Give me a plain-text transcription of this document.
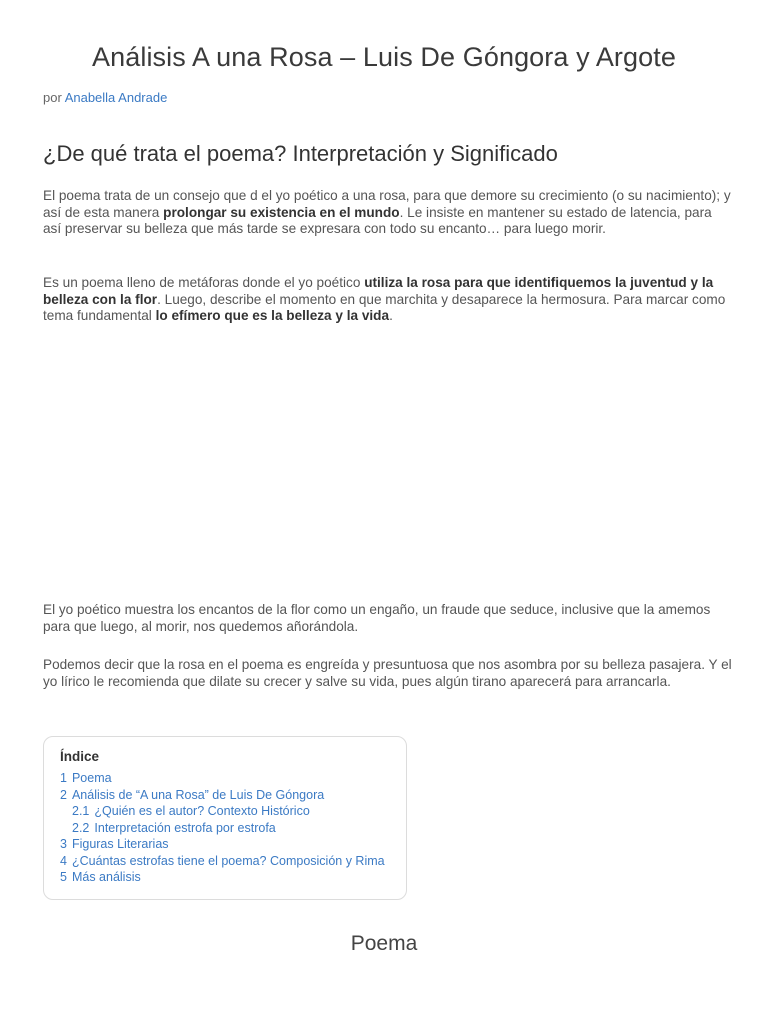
Análisis A una Rosa – Luis De Góngora y Argote
por Anabella Andrade
¿De qué trata el poema? Interpretación y Significado

El poema trata de un consejo que d el yo poético a una rosa, para que demore su crecimiento (o su nacimiento); y así de esta manera prolongar su existencia en el mundo. Le insiste en mantener su estado de latencia, para así preservar su belleza que más tarde se expresara con todo su encanto… para luego morir.

Es un poema lleno de metáforas donde el yo poético utiliza la rosa para que identifiquemos la juventud y la belleza con la flor. Luego, describe el momento en que marchita y desaparece la hermosura. Para marcar como tema fundamental lo efímero que es la belleza y la vida.

El yo poético muestra los encantos de la flor como un engaño, un fraude que seduce, inclusive que la amemos para que luego, al morir, nos quedemos añorándola.

Podemos decir que la rosa en el poema es engreída y presuntuosa que nos asombra por su belleza pasajera. Y el yo lírico le recomienda que dilate su crecer y salve su vida, pues algún tirano aparecerá para arrancarla.

Índice
1 Poema
2 Análisis de “A una Rosa” de Luis De Góngora
2.1 ¿Quién es el autor? Contexto Histórico
2.2 Interpretación estrofa por estrofa
3 Figuras Literarias
4 ¿Cuántas estrofas tiene el poema? Composición y Rima
5 Más análisis
Poema
